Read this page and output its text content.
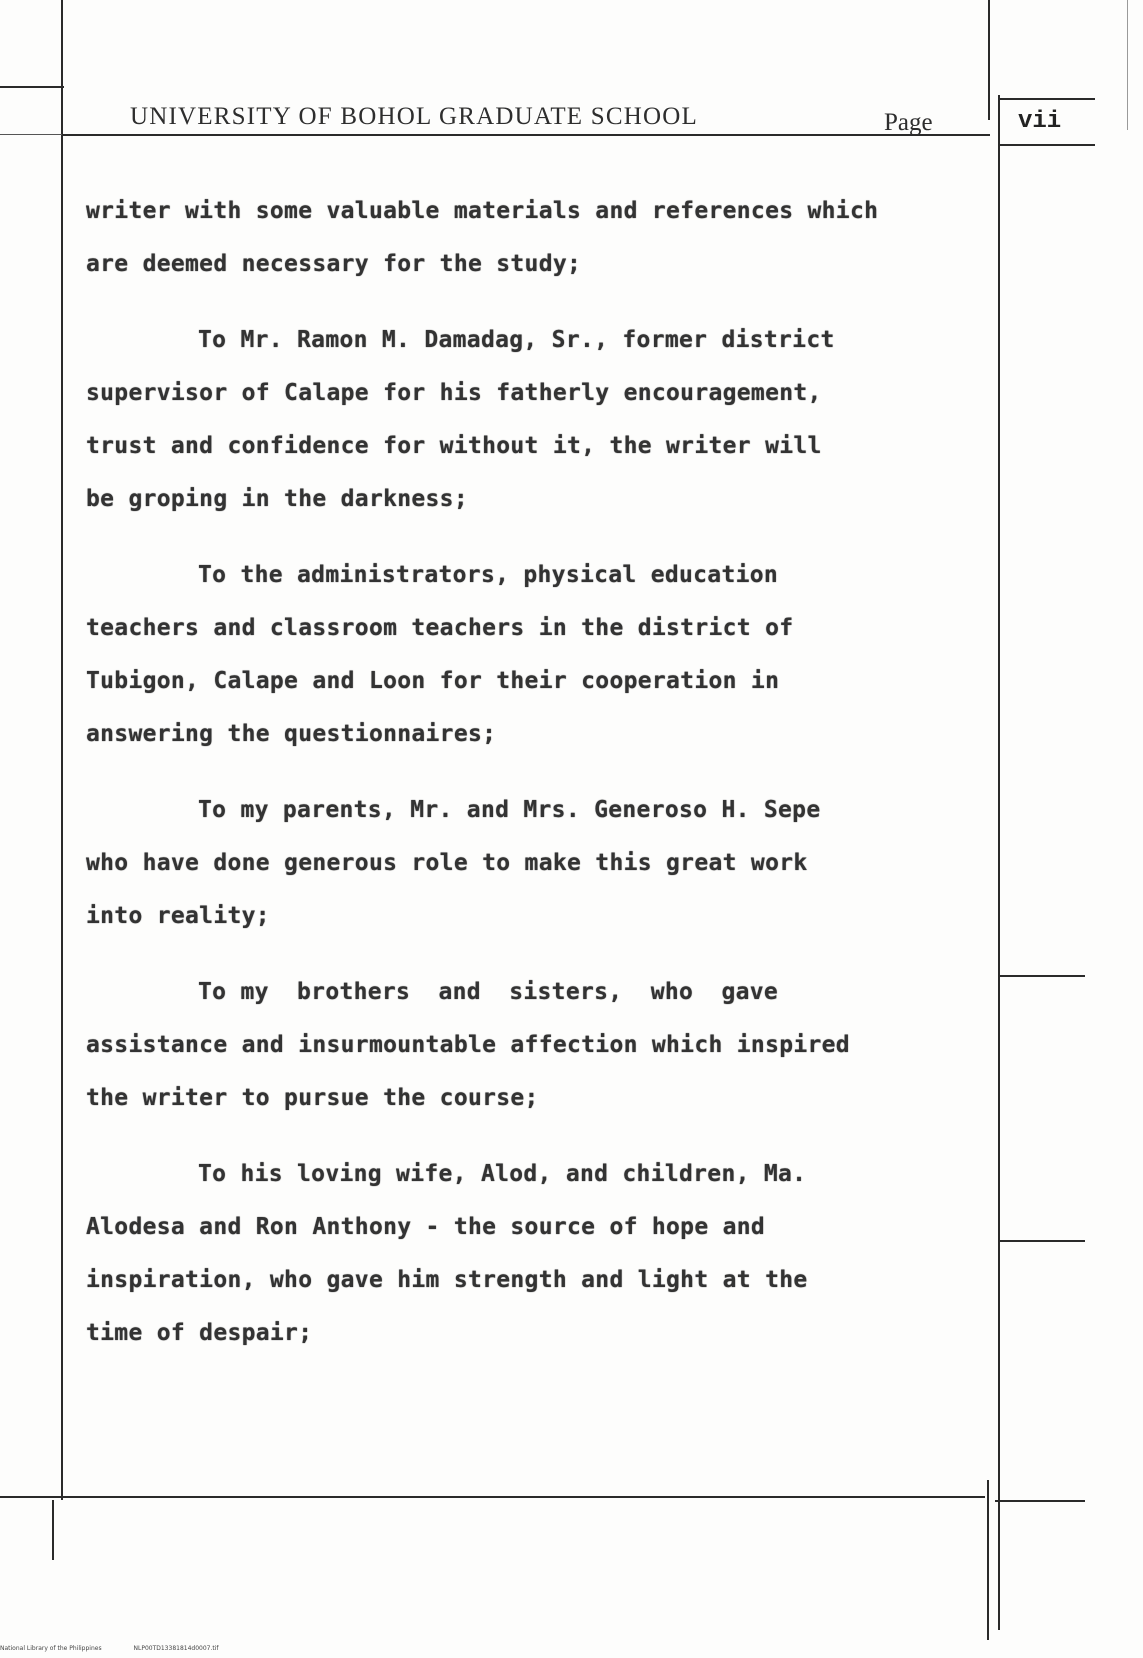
UNIVERSITY OF BOHOL GRADUATE SCHOOL	Page	vii
writer with some valuable materials and references which
are deemed necessary for the study;
To Mr. Ramon M. Damadag, Sr., former district
supervisor of Calape for his fatherly encouragement,
trust and confidence for without it, the writer will
be groping in the darkness;
To the administrators, physical education
teachers and classroom teachers in the district of
Tubigon, Calape and Loon for their cooperation in
answering the questionnaires;
To my parents, Mr. and Mrs. Generoso H. Sepe
who have done generous role to make this great work
into reality;
To my  brothers  and  sisters,  who  gave
assistance and insurmountable affection which inspired
the writer to pursue the course;
To his loving wife, Alod, and children, Ma.
Alodesa and Ron Anthony - the source of hope and
inspiration, who gave him strength and light at the
time of despair;
National Library of the Philippines	NLP00TD13381814d0007.tif
